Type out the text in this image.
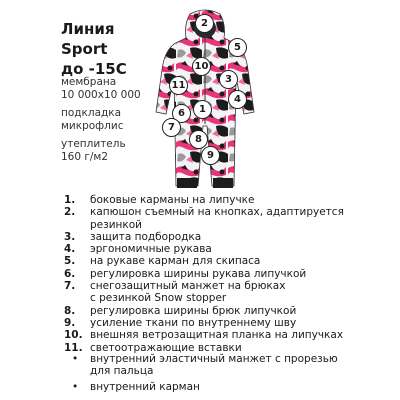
Линия
Sport
до -15С
мембрана
10 000х10 000
подкладка
микрофлис
утеплитель
160 г/м2
2
5
10
11
1
3
4
6
7
8
9
1.	боковые карманы на липучке
2.	капюшон съемный на кнопках, адаптируется
резинкой
3.	защита подбородка
4.	эргономичные рукава
5.	на рукаве карман для скипаса
6.	регулировка ширины рукава липучкой
7.	снегозащитный манжет на брюках
с резинкой Snow stopper
8.	регулировка ширины брюк липучкой
9.	усиление ткани по внутреннему шву
10. внешняя ветрозащитная планка на липучках
11. светоотражающие вставки
• внутренний эластичный манжет с прорезью
для пальца
• внутренний карман
